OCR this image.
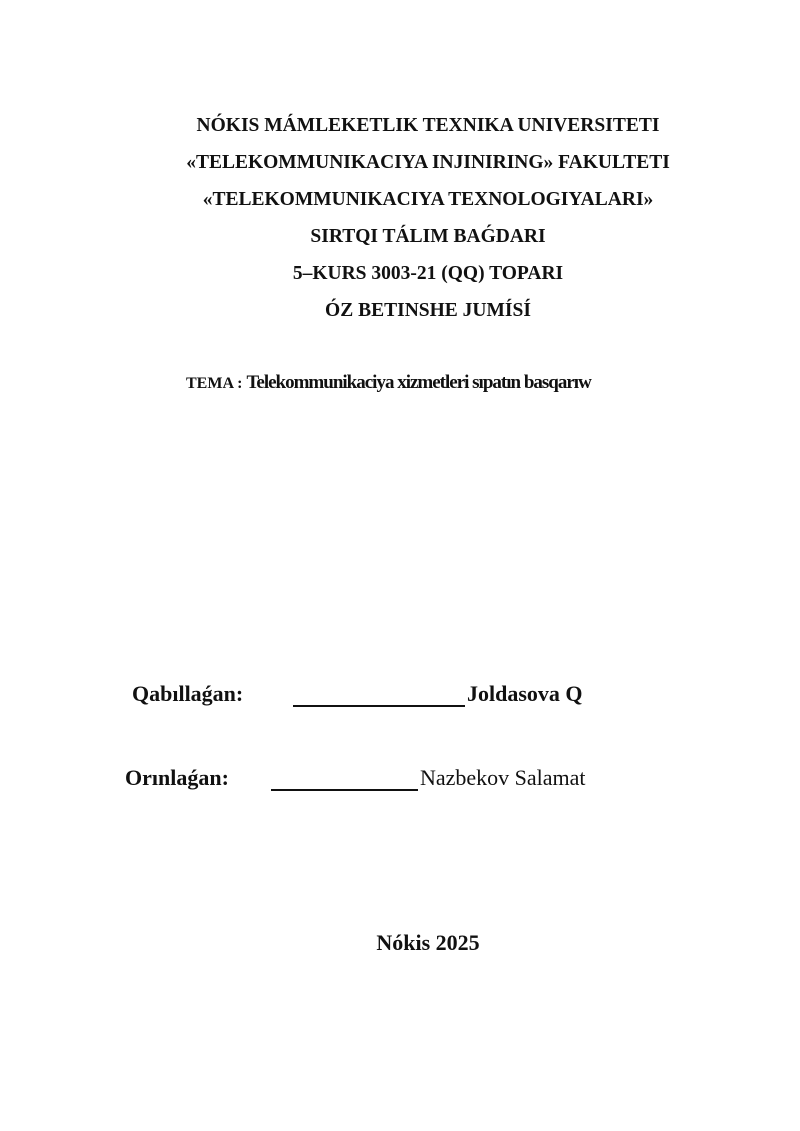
NÓKIS MÁMLEKETLIK TEXNIKA UNIVERSITETI
«TELEKOMMUNIKACIYA INJINIRING» FAKULTETI
«TELEKOMMUNIKACIYA TEXNOLOGIYALARI»
SIRTQI TÁLIM BAǴDARI
5–KURS 3003-21 (QQ) TOPARI
ÓZ BETINSHE JUMÍSÍ
TEMA : Telekommunikaciya xizmetleri sıpatın basqarıw
Qabıllaǵan:	Joldasova Q
Orınlaǵan:	Nazbekov Salamat
Nókis 2025
